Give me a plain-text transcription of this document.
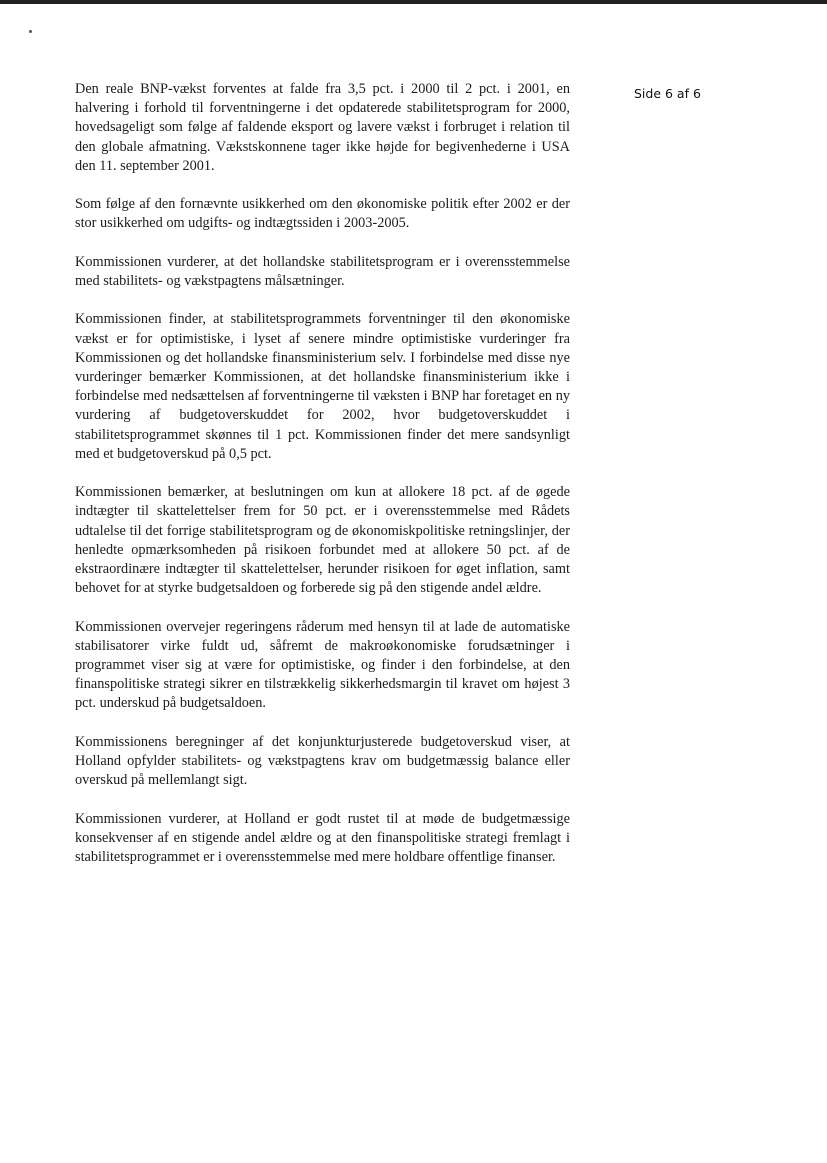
Side 6 af 6

Den reale BNP-vækst forventes at falde fra 3,5 pct. i 2000 til 2 pct. i 2001, en halvering i forhold til forventningerne i det opdaterede stabilitetsprogram for 2000, hovedsageligt som følge af faldende eksport og lavere vækst i forbruget i relation til den globale afmatning. Vækstskonnene tager ikke højde for begivenhederne i USA den 11. september 2001.

Som følge af den fornævnte usikkerhed om den økonomiske politik efter 2002 er der stor usikkerhed om udgifts- og indtægtssiden i 2003-2005.

Kommissionen vurderer, at det hollandske stabilitetsprogram er i overensstemmelse med stabilitets- og vækstpagtens målsætninger.

Kommissionen finder, at stabilitetsprogrammets forventninger til den økonomiske vækst er for optimistiske, i lyset af senere mindre optimistiske vurderinger fra Kommissionen og det hollandske finansministerium selv. I forbindelse med disse nye vurderinger bemærker Kommissionen, at det hollandske finansministerium ikke i forbindelse med nedsættelsen af forventningerne til væksten i BNP har foretaget en ny vurdering af budgetoverskuddet for 2002, hvor budgetoverskuddet i stabilitetsprogrammet skønnes til 1 pct. Kommissionen finder det mere sandsynligt med et budgetoverskud på 0,5 pct.

Kommissionen bemærker, at beslutningen om kun at allokere 18 pct. af de øgede indtægter til skattelettelser frem for 50 pct. er i overensstemmelse med Rådets udtalelse til det forrige stabilitetsprogram og de økonomiskpolitiske retningslinjer, der henledte opmærksomheden på risikoen forbundet med at allokere 50 pct. af de ekstraordinære indtægter til skattelettelser, herunder risikoen for øget inflation, samt behovet for at styrke budgetsaldoen og forberede sig på den stigende andel ældre.

Kommissionen overvejer regeringens råderum med hensyn til at lade de automatiske stabilisatorer virke fuldt ud, såfremt de makroøkonomiske forudsætninger i programmet viser sig at være for optimistiske, og finder i den forbindelse, at den finanspolitiske strategi sikrer en tilstrækkelig sikkerhedsmargin til kravet om højest 3 pct. underskud på budgetsaldoen.

Kommissionens beregninger af det konjunkturjusterede budgetoverskud viser, at Holland opfylder stabilitets- og vækstpagtens krav om budgetmæssig balance eller overskud på mellemlangt sigt.

Kommissionen vurderer, at Holland er godt rustet til at møde de budgetmæssige konsekvenser af en stigende andel ældre og at den finanspolitiske strategi fremlagt i stabilitetsprogrammet er i overensstemmelse med mere holdbare offentlige finanser.
